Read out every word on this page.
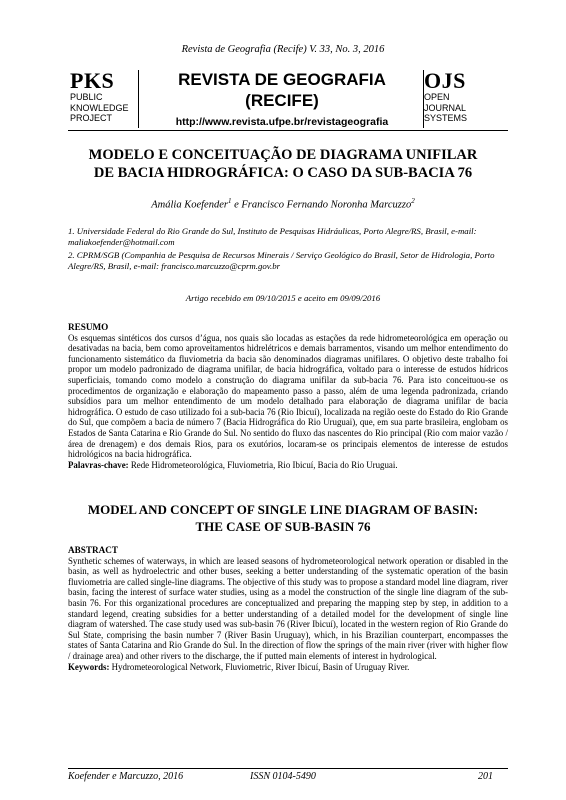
Revista de Geografia (Recife) V. 33, No. 3, 2016
PKS
PUBLIC
KNOWLEDGE
PROJECT
REVISTA DE GEOGRAFIA
(RECIFE)
http://www.revista.ufpe.br/revistageografia
OJS
OPEN
JOURNAL
SYSTEMS
MODELO E CONCEITUAÇÃO DE DIAGRAMA UNIFILAR
DE BACIA HIDROGRÁFICA: O CASO DA SUB-BACIA 76
Amália Koefender$^1$ e Francisco Fernando Noronha Marcuzzo$^2$
1. Universidade Federal do Rio Grande do Sul, Instituto de Pesquisas Hidráulicas, Porto Alegre/RS, Brasil, e-mail: maliakoefender@hotmail.com
2. CPRM/SGB (Companhia de Pesquisa de Recursos Minerais / Serviço Geológico do Brasil, Setor de Hidrologia, Porto Alegre/RS, Brasil, e-mail: francisco.marcuzzo@cprm.gov.br
Artigo recebido em 09/10/2015 e aceito em 09/09/2016
RESUMO
Os esquemas sintéticos dos cursos d’água, nos quais são locadas as estações da rede hidrometeorológica em operação ou desativadas na bacia, bem como aproveitamentos hidrelétricos e demais barramentos, visando um melhor entendimento do funcionamento sistemático da fluviometria da bacia são denominados diagramas unifilares. O objetivo deste trabalho foi propor um modelo padronizado de diagrama unifilar, de bacia hidrográfica, voltado para o interesse de estudos hídricos superficiais, tomando como modelo a construção do diagrama unifilar da sub-bacia 76. Para isto conceituou-se os procedimentos de organização e elaboração do mapeamento passo a passo, além de uma legenda padronizada, criando subsídios para um melhor entendimento de um modelo detalhado para elaboração de diagrama unifilar de bacia hidrográfica. O estudo de caso utilizado foi a sub-bacia 76 (Rio Ibicuí), localizada na região oeste do Estado do Rio Grande do Sul, que compõem a bacia de número 7 (Bacia Hidrográfica do Rio Uruguai), que, em sua parte brasileira, englobam os Estados de Santa Catarina e Rio Grande do Sul. No sentido do fluxo das nascentes do Rio principal (Rio com maior vazão / área de drenagem) e dos demais Rios, para os exutórios, locaram-se os principais elementos de interesse de estudos hidrológicos na bacia hidrográfica.
Palavras-chave: Rede Hidrometeorológica, Fluviometria, Rio Ibicuí, Bacia do Rio Uruguai.
MODEL AND CONCEPT OF SINGLE LINE DIAGRAM OF BASIN:
THE CASE OF SUB-BASIN 76
ABSTRACT
Synthetic schemes of waterways, in which are leased seasons of hydrometeorological network operation or disabled in the basin, as well as hydroelectric and other buses, seeking a better understanding of the systematic operation of the basin fluviometria are called single-line diagrams. The objective of this study was to propose a standard model line diagram, river basin, facing the interest of surface water studies, using as a model the construction of the single line diagram of the sub-basin 76. For this organizational procedures are conceptualized and preparing the mapping step by step, in addition to a standard legend, creating subsidies for a better understanding of a detailed model for the development of single line diagram of watershed. The case study used was sub-basin 76 (River Ibicuí), located in the western region of Rio Grande do Sul State, comprising the basin number 7 (River Basin Uruguay), which, in his Brazilian counterpart, encompasses the states of Santa Catarina and Rio Grande do Sul. In the direction of flow the springs of the main river (river with higher flow / drainage area) and other rivers to the discharge, the if putted main elements of interest in hydrological.
Keywords: Hydrometeorological Network, Fluviometric, River Ibicuí, Basin of Uruguay River.
Koefender e Marcuzzo, 2016	ISSN 0104-5490	201
